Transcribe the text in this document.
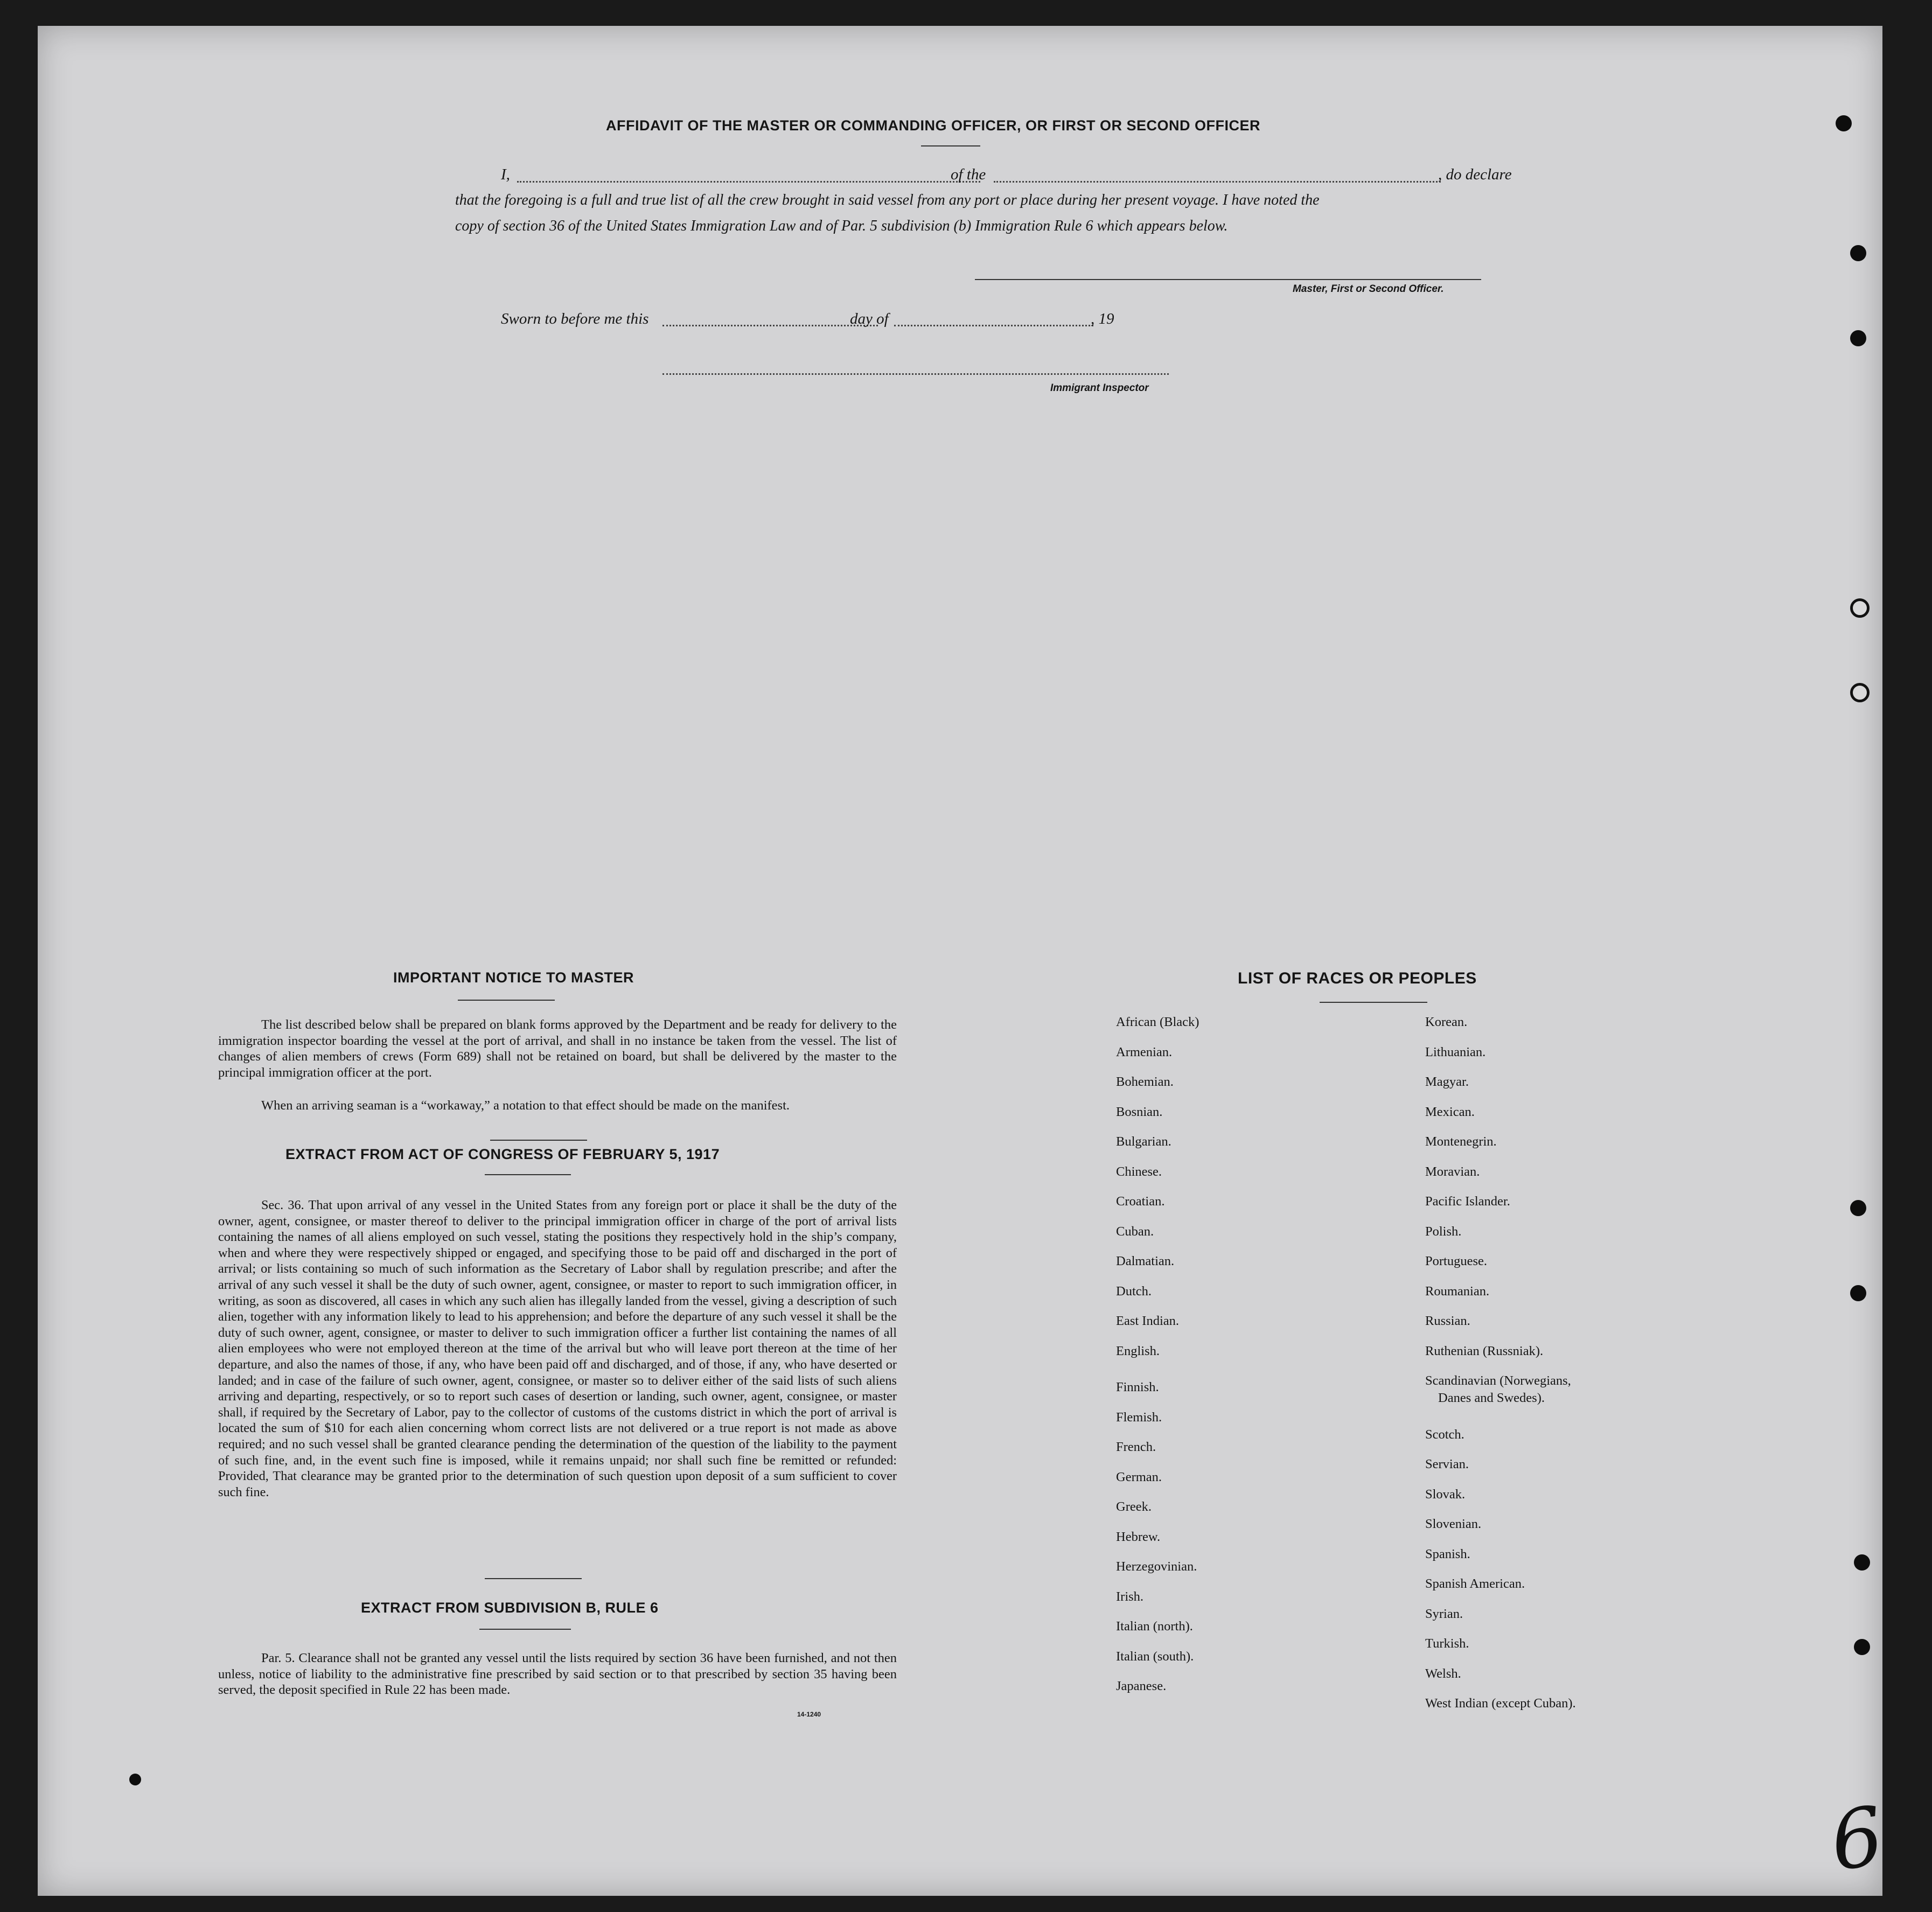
AFFIDAVIT OF THE MASTER OR COMMANDING OFFICER, OR FIRST OR SECOND OFFICER
I,	of the	, do declare
that the foregoing is a full and true list of all the crew brought in said vessel from any port or place during her present voyage. I have noted the
copy of section 36 of the United States Immigration Law and of Par. 5 subdivision (b) Immigration Rule 6 which appears below.
Master, First or Second Officer.
Sworn to before me this	day of	, 19
Immigrant Inspector
IMPORTANT NOTICE TO MASTER
The list described below shall be prepared on blank forms approved by the Department and be ready for delivery to the immigration inspector boarding the vessel at the port of arrival, and shall in no instance be taken from the vessel. The list of changes of alien members of crews (Form 689) shall not be retained on board, but shall be delivered by the master to the principal immigration officer at the port.
When an arriving seaman is a “workaway,” a notation to that effect should be made on the manifest.
EXTRACT FROM ACT OF CONGRESS OF FEBRUARY 5, 1917
Sec. 36. That upon arrival of any vessel in the United States from any foreign port or place it shall be the duty of the owner, agent, consignee, or master thereof to deliver to the principal immigration officer in charge of the port of arrival lists containing the names of all aliens employed on such vessel, stating the positions they respectively hold in the ship’s company, when and where they were respectively shipped or engaged, and specifying those to be paid off and discharged in the port of arrival; or lists containing so much of such information as the Secretary of Labor shall by regulation prescribe; and after the arrival of any such vessel it shall be the duty of such owner, agent, consignee, or master to report to such immigration officer, in writing, as soon as discovered, all cases in which any such alien has illegally landed from the vessel, giving a description of such alien, together with any information likely to lead to his apprehension; and before the departure of any such vessel it shall be the duty of such owner, agent, consignee, or master to deliver to such immigration officer a further list containing the names of all alien employees who were not employed thereon at the time of the arrival but who will leave port thereon at the time of her departure, and also the names of those, if any, who have been paid off and discharged, and of those, if any, who have deserted or landed; and in case of the failure of such owner, agent, consignee, or master so to deliver either of the said lists of such aliens arriving and departing, respectively, or so to report such cases of desertion or landing, such owner, agent, consignee, or master shall, if required by the Secretary of Labor, pay to the collector of customs of the customs district in which the port of arrival is located the sum of $10 for each alien concerning whom correct lists are not delivered or a true report is not made as above required; and no such vessel shall be granted clearance pending the determination of the question of the liability to the payment of such fine, and, in the event such fine is imposed, while it remains unpaid; nor shall such fine be remitted or refunded: Provided, That clearance may be granted prior to the determination of such question upon deposit of a sum sufficient to cover such fine.
EXTRACT FROM SUBDIVISION B, RULE 6
Par. 5. Clearance shall not be granted any vessel until the lists required by section 36 have been furnished, and not then unless, notice of liability to the administrative fine prescribed by said section or to that prescribed by section 35 having been served, the deposit specified in Rule 22 has been made.
14-1240
LIST OF RACES OR PEOPLES
6
African (Black)
Armenian.
Bohemian.
Bosnian.
Bulgarian.
Chinese.
Croatian.
Cuban.
Dalmatian.
Dutch.
East Indian.
English.
Finnish.
Flemish.
French.
German.
Greek.
Hebrew.
Herzegovinian.
Irish.
Italian (north).
Italian (south).
Japanese.
Korean.
Lithuanian.
Magyar.
Mexican.
Montenegrin.
Moravian.
Pacific Islander.
Polish.
Portuguese.
Roumanian.
Russian.
Ruthenian (Russniak).
Scandinavian (Norwegians,
Danes and Swedes).
Scotch.
Servian.
Slovak.
Slovenian.
Spanish.
Spanish American.
Syrian.
Turkish.
Welsh.
West Indian (except Cuban).
